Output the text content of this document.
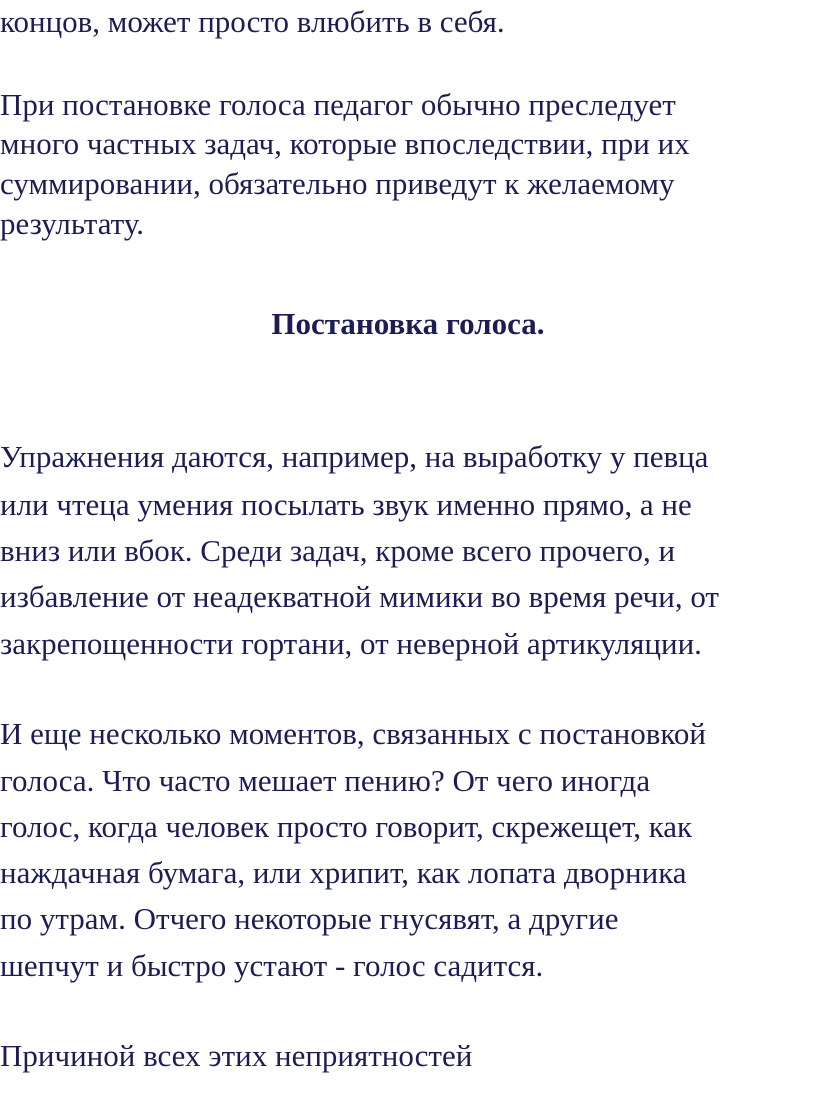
концов, может просто влюбить в себя.
При постановке голоса педагог обычно преследует
много частных задач, которые впоследствии, при их
суммировании, обязательно приведут к желаемому
результату.
Постановка голоса.
Упражнения даются, например, на выработку у певца
или чтеца умения посылать звук именно прямо, а не
вниз или вбок. Среди задач, кроме всего прочего, и
избавление от неадекватной мимики во время речи, от
закрепощенности гортани, от неверной артикуляции.
И еще несколько моментов, связанных с постановкой
голоса. Что часто мешает пению? От чего иногда
голос, когда человек просто говорит, скрежещет, как
наждачная бумага, или хрипит, как лопата дворника
по утрам. Отчего некоторые гнусявят, а другие
шепчут и быстро устают - голос садится.
Причиной всех этих неприятностей
